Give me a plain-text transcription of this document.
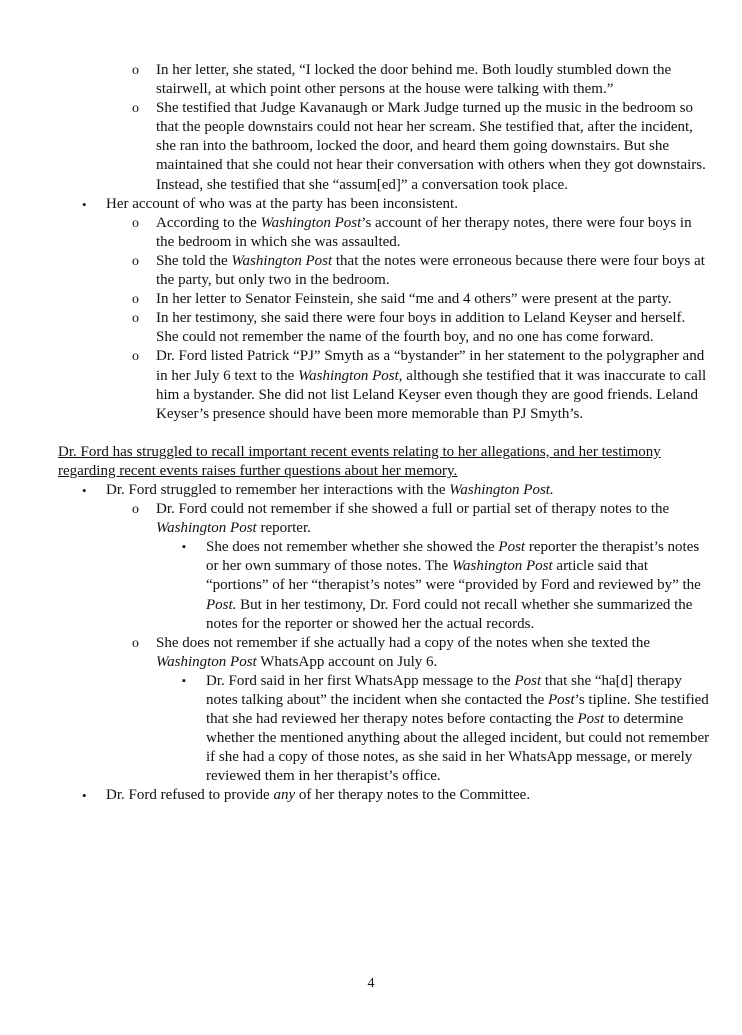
o In her letter, she stated, “I locked the door behind me. Both loudly stumbled down the stairwell, at which point other persons at the house were talking with them.”
o She testified that Judge Kavanaugh or Mark Judge turned up the music in the bedroom so that the people downstairs could not hear her scream. She testified that, after the incident, she ran into the bathroom, locked the door, and heard them going downstairs. But she maintained that she could not hear their conversation with others when they got downstairs. Instead, she testified that she “assum[ed]” a conversation took place.
• Her account of who was at the party has been inconsistent.
o According to the Washington Post’s account of her therapy notes, there were four boys in the bedroom in which she was assaulted.
o She told the Washington Post that the notes were erroneous because there were four boys at the party, but only two in the bedroom.
o In her letter to Senator Feinstein, she said “me and 4 others” were present at the party.
o In her testimony, she said there were four boys in addition to Leland Keyser and herself. She could not remember the name of the fourth boy, and no one has come forward.
o Dr. Ford listed Patrick “PJ” Smyth as a “bystander” in her statement to the polygrapher and in her July 6 text to the Washington Post, although she testified that it was inaccurate to call him a bystander. She did not list Leland Keyser even though they are good friends. Leland Keyser’s presence should have been more memorable than PJ Smyth’s.
Dr. Ford has struggled to recall important recent events relating to her allegations, and her testimony regarding recent events raises further questions about her memory.
• Dr. Ford struggled to remember her interactions with the Washington Post.
o Dr. Ford could not remember if she showed a full or partial set of therapy notes to the Washington Post reporter.
▪ She does not remember whether she showed the Post reporter the therapist’s notes or her own summary of those notes. The Washington Post article said that “portions” of her “therapist’s notes” were “provided by Ford and reviewed by” the Post. But in her testimony, Dr. Ford could not recall whether she summarized the notes for the reporter or showed her the actual records.
o She does not remember if she actually had a copy of the notes when she texted the Washington Post WhatsApp account on July 6.
▪ Dr. Ford said in her first WhatsApp message to the Post that she “ha[d] therapy notes talking about” the incident when she contacted the Post’s tipline. She testified that she had reviewed her therapy notes before contacting the Post to determine whether the mentioned anything about the alleged incident, but could not remember if she had a copy of those notes, as she said in her WhatsApp message, or merely reviewed them in her therapist’s office.
• Dr. Ford refused to provide any of her therapy notes to the Committee.
4
